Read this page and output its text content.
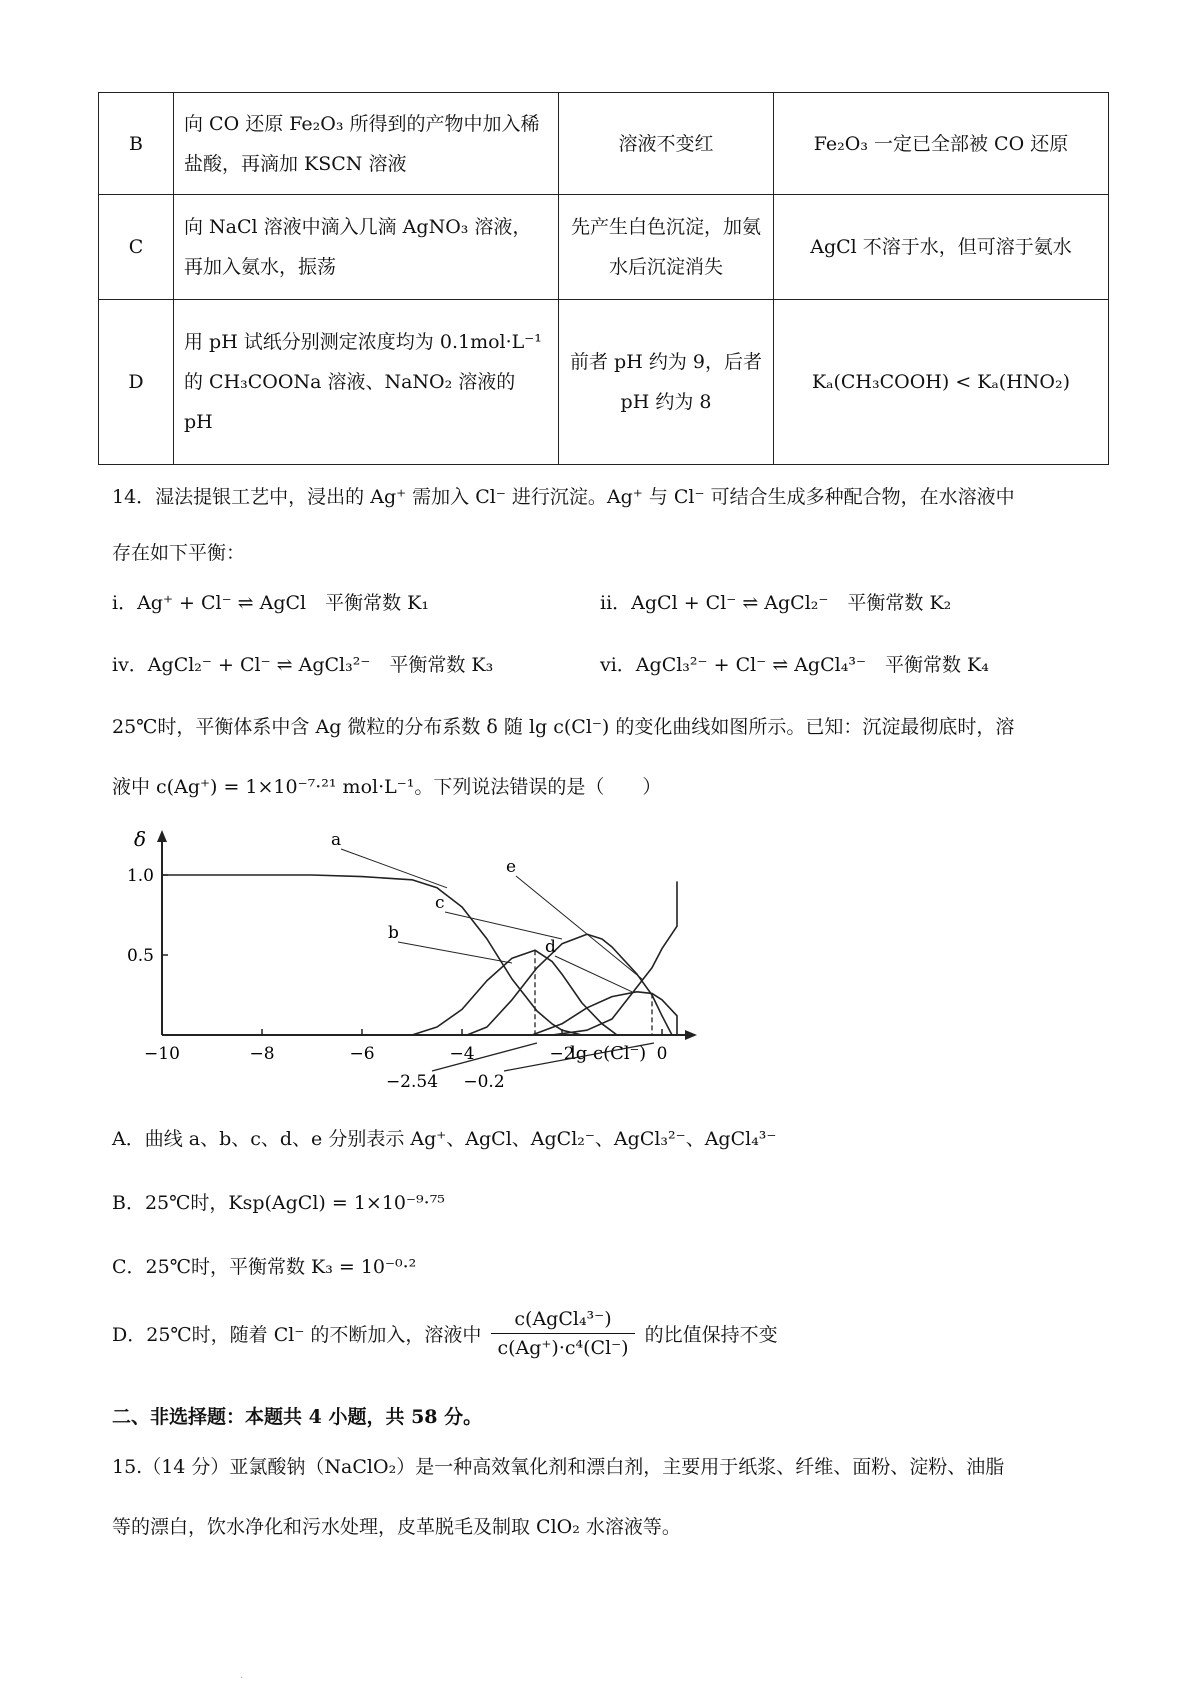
B	向 CO 还原 Fe₂O₃ 所得到的产物中加入稀盐酸，再滴加 KSCN 溶液	溶液不变红	Fe₂O₃ 一定已全部被 CO 还原
C	向 NaCl 溶液中滴入几滴 AgNO₃ 溶液，再加入氨水，振荡	先产生白色沉淀，加氨水后沉淀消失	AgCl 不溶于水，但可溶于氨水
D	用 pH 试纸分别测定浓度均为 0.1mol·L⁻¹ 的 CH₃COONa 溶液、NaNO₂ 溶液的 pH	前者 pH 约为 9，后者 pH 约为 8	Kₐ(CH₃COOH) < Kₐ(HNO₂)
14．湿法提银工艺中，浸出的 Ag⁺ 需加入 Cl⁻ 进行沉淀。Ag⁺ 与 Cl⁻ 可结合生成多种配合物，在水溶液中
存在如下平衡：
i．Ag⁺ + Cl⁻ ⇌ AgCl　平衡常数 K₁	ii．AgCl + Cl⁻ ⇌ AgCl₂⁻　平衡常数 K₂
iv．AgCl₂⁻ + Cl⁻ ⇌ AgCl₃²⁻　平衡常数 K₃	vi．AgCl₃²⁻ + Cl⁻ ⇌ AgCl₄³⁻　平衡常数 K₄
25℃时，平衡体系中含 Ag 微粒的分布系数 δ 随 lg c(Cl⁻) 的变化曲线如图所示。已知：沉淀最彻底时，溶
液中 c(Ag⁺) = 1×10⁻⁷·²¹ mol·L⁻¹。下列说法错误的是（　　）
δ
lg c(Cl⁻)
−10	−8	−6	−4	−2	0
0.5
1.0
a
b
c
d
e
−2.54 −0.2
A．曲线 a、b、c、d、e 分别表示 Ag⁺、AgCl、AgCl₂⁻、AgCl₃²⁻、AgCl₄³⁻
B．25℃时，Ksp(AgCl) = 1×10⁻⁹·⁷⁵
C．25℃时，平衡常数 K₃ = 10⁻⁰·²
D．25℃时，随着 Cl⁻ 的不断加入，溶液中 $\frac{\text{c(AgCl₄³⁻)}}{\text{c(Ag⁺)·c⁴(Cl⁻)}}$ 的比值保持不变
二、非选择题：本题共 4 小题，共 58 分。
15.（14 分）亚氯酸钠（NaClO₂）是一种高效氧化剂和漂白剂，主要用于纸浆、纤维、面粉、淀粉、油脂
等的漂白，饮水净化和污水处理，皮革脱毛及制取 ClO₂ 水溶液等。
.
